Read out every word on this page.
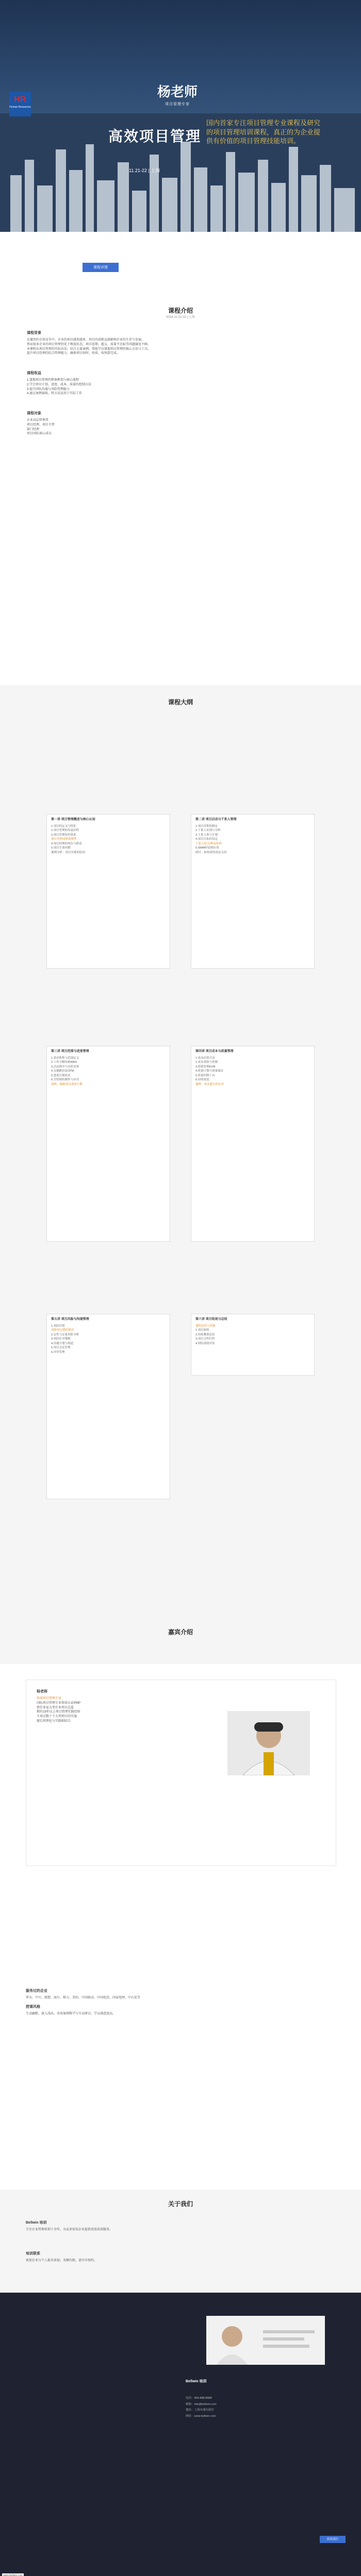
HR
Human Resources
杨老师
项目管理专家
高效项目管理
国内首家专注项目管理专业课程及研究的项目管理培训课程，真正的为企业提供有价值的项目管理技能培训。
11.21-22 | 上海
课程详情
课程介绍
2024-11-21-22 | 上海
课程背景
在激烈的市场竞争中，企业的项目越来越多，项目的成败直接影响企业的生存与发展。
然而很多企业的项目管理仍处于粗放状态，项目延期、超支、质量不达标等问题屡见不鲜。
本课程从项目管理的实际出发，结合大量案例，帮助学员掌握项目管理的核心方法与工具，
提升项目经理的综合管理能力，确保项目按时、按质、按预算完成。
课程收益
1.掌握项目管理的整体框架与核心流程
2.学会项目计划、进度、成本、质量的控制方法
3.提升团队沟通与风险管理能力
4.通过案例演练，将方法运用于实际工作
课程对象
企业高层管理者
项目经理、项目主管
部门经理
项目团队核心成员
课程大纲
第一讲 项目管理概述与核心认知
1.项目的定义与特征
2.项目管理的发展历程
3.项目管理知识体系
项目管理成熟度模型
4.项目经理的角色与职责
5.项目生命周期
案例分析：项目失败的原因
第二讲 项目启动与干系人管理
1.项目章程的制定
2.干系人识别与分析
3.干系人参与计划
4.项目目标的设定
干系人权力/利益矩阵
5.SMART原则应用
研讨：如何获得高层支持
第三讲 项目范围与进度管理
1.需求收集与范围定义
2.工作分解结构WBS
3.活动排序与历时估算
4.关键路径法CPM
5.进度压缩技术
6.甘特图的制作与应用
演练：编制项目进度计划
第四讲 项目成本与质量管理
1.成本估算方法
2.成本预算与控制
3.挣值管理EVM
4.质量计划与质量保证
5.质量控制工具
6.持续改进
案例：成本超支的应对
第五讲 项目风险与沟通管理
1.风险识别
风险登记册的使用
2.定性与定量风险分析
3.风险应对策略
4.沟通计划与渠道
5.项目会议管理
6.冲突管理
第六讲 项目收尾与总结
课程总结与答疑
1.项目验收
2.经验教训总结
3.项目文档归档
4.团队绩效评估
嘉宾介绍
杨老师
资深项目管理专家
国际项目管理专业资质认证PMP
曾任多家大型企业项目总监
拥有15年以上项目管理实践经验
主导过数十个大型项目的实施
擅长将理论与实践相结合
服务过的企业
华为、中兴、联想、海尔、格力、美的、中国移动、中国电信、国家电网、中石化等
授课风格
生动幽默、深入浅出，善用案例教学与互动研讨，学员满意度高。
关于我们
Bellwin 培训
专注企业管理培训十余年，为众多知名企业提供优质培训服务。
培训联系
欢迎企业与个人报名参加，名额有限，请尽早预约。
Bellwin 培训
电话：400-888-8888
邮箱：info@bellwin.com
地址：上海市浦东新区
网址：www.bellwin.com
联系我们
www.bellwin.com
